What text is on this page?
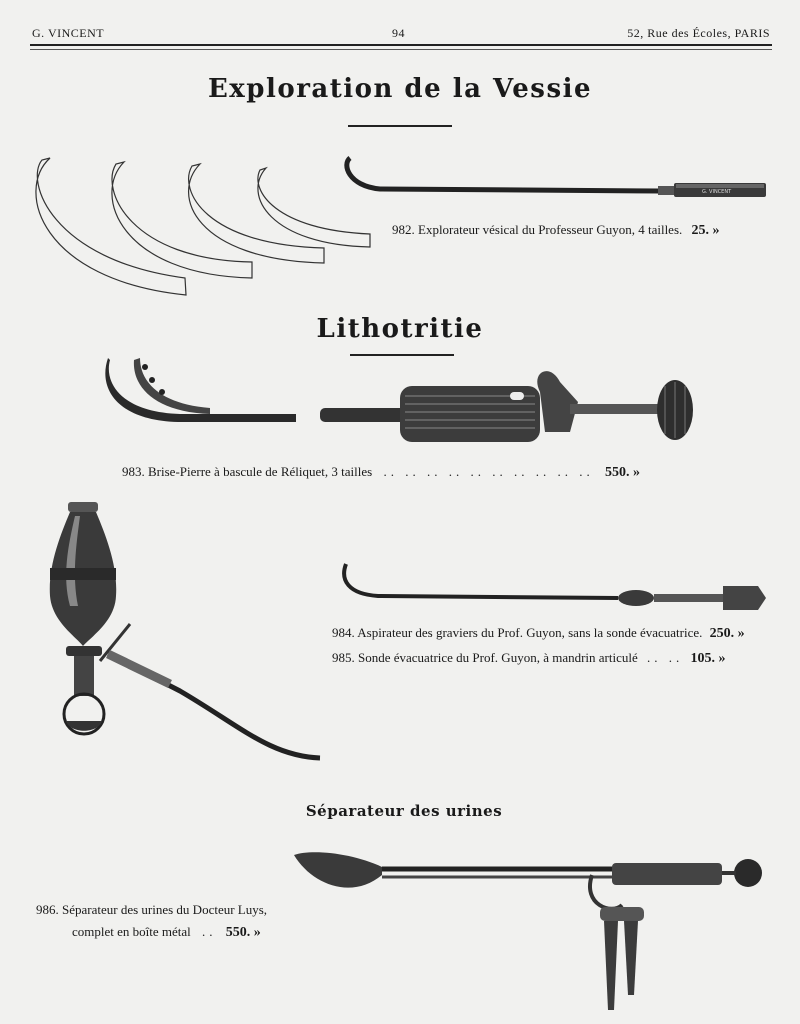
G. VINCENT	94	52, Rue des Écoles, PARIS
Exploration de la Vessie
G. VINCENT
982. Explorateur vésical du Professeur Guyon, 4 tailles. 25. »
Lithotritie
983. Brise-Pierre à bascule de Réliquet, 3 tailles .. .. .. .. .. .. .. .. .. .. 550. »
984. Aspirateur des graviers du Prof. Guyon, sans la sonde évacuatrice. 250. »
985. Sonde évacuatrice du Prof. Guyon, à mandrin articulé .. .. 105. »
Séparateur des urines
986. Séparateur des urines du Docteur Luys,
complet en boîte métal .. 550. »
